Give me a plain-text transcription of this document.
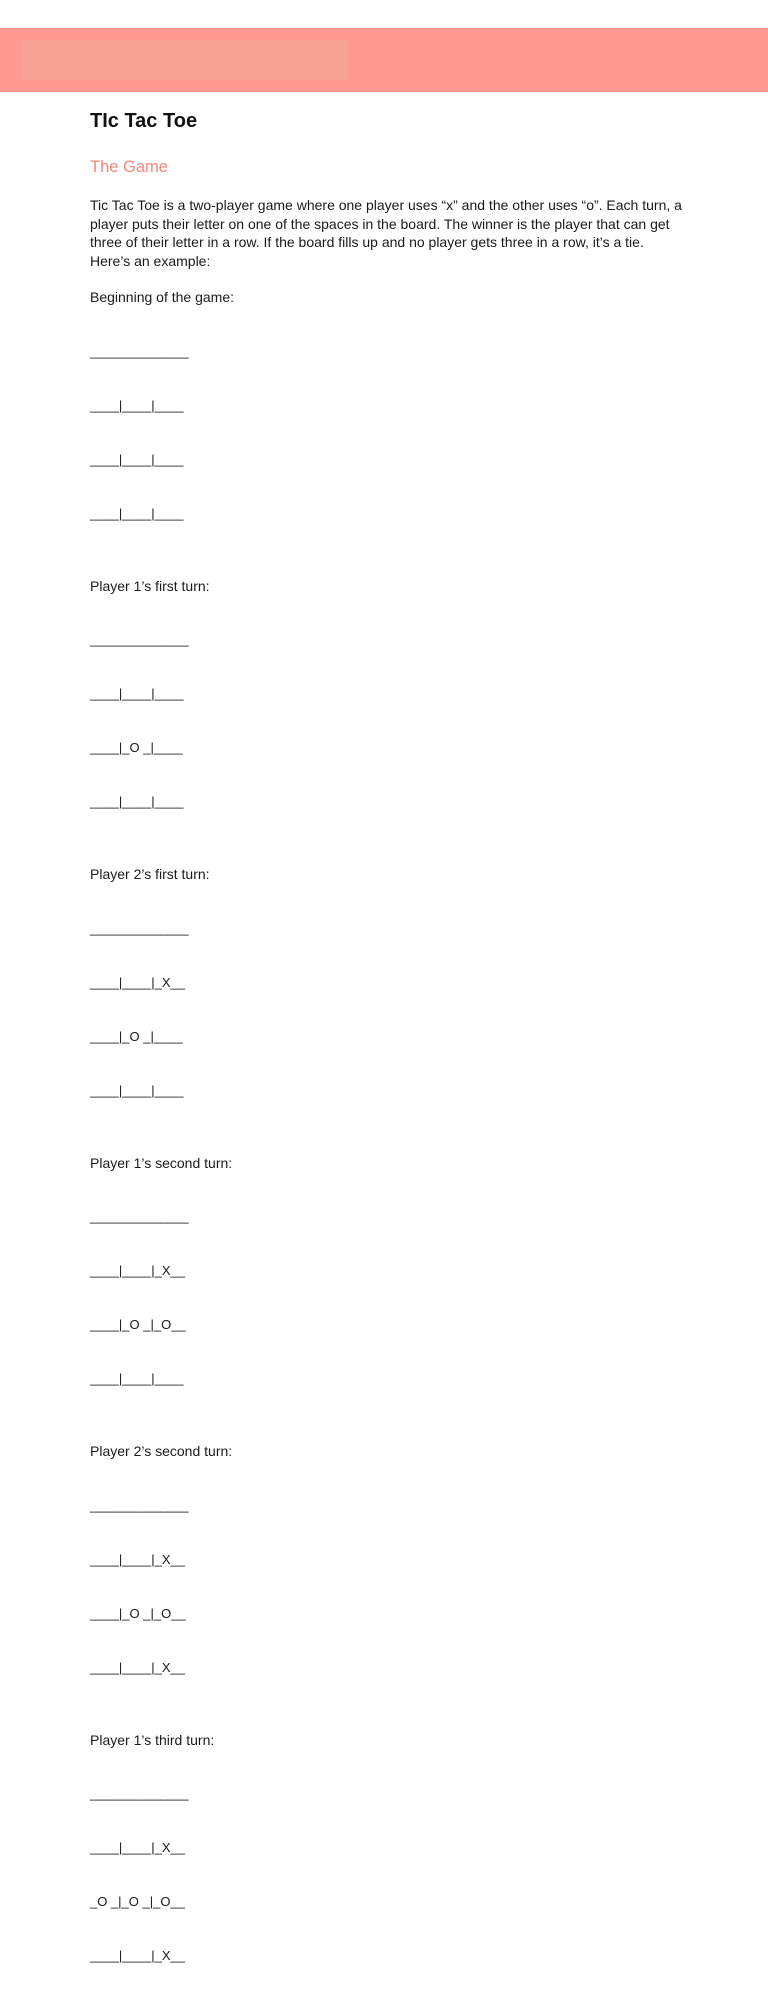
TIc Tac Toe
The Game

Tic Tac Toe is a two-player game where one player uses “x” and the other uses “o”. Each turn, a player puts their letter on one of the spaces in the board. The winner is the player that can get three of their letter in a row. If the board fills up and no player gets three in a row, it’s a tie. Here’s an example:

Beginning of the game:

______________

____|____|____

____|____|____

____|____|____

Player 1’s first turn:

______________

____|____|____

____|_O _|____

____|____|____

Player 2’s first turn:

______________

____|____|_X__

____|_O _|____

____|____|____

Player 1’s second turn:

______________

____|____|_X__

____|_O _|_O__

____|____|____

Player 2’s second turn:

______________

____|____|_X__

____|_O _|_O__

____|____|_X__

Player 1’s third turn:

______________

____|____|_X__

_O _|_O _|_O__

____|____|_X__
